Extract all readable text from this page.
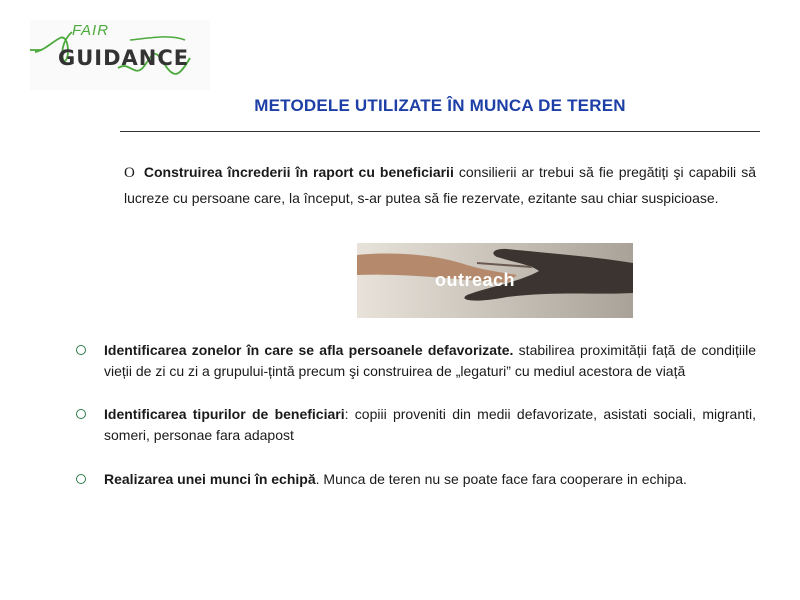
FAIR
GUIDANCE
METODELE UTILIZATE ÎN MUNCA DE TEREN
O Construirea încrederii în raport cu beneficiarii consilierii ar trebui să fie pregătiți şi capabili să lucreze cu persoane care, la început, s-ar putea să fie rezervate, ezitante sau chiar suspicioase.
outreach
Identificarea zonelor în care se afla persoanele defavorizate. stabilirea proximității față de condițiile vieții de zi cu zi a grupului-țintă precum şi construirea de „legaturi” cu mediul acestora de viață
Identificarea tipurilor de beneficiari: copiii proveniti din medii defavorizate, asistati sociali, migranti, someri, personae fara adapost
Realizarea unei munci în echipă. Munca de teren nu se poate face fara cooperare in echipa.
